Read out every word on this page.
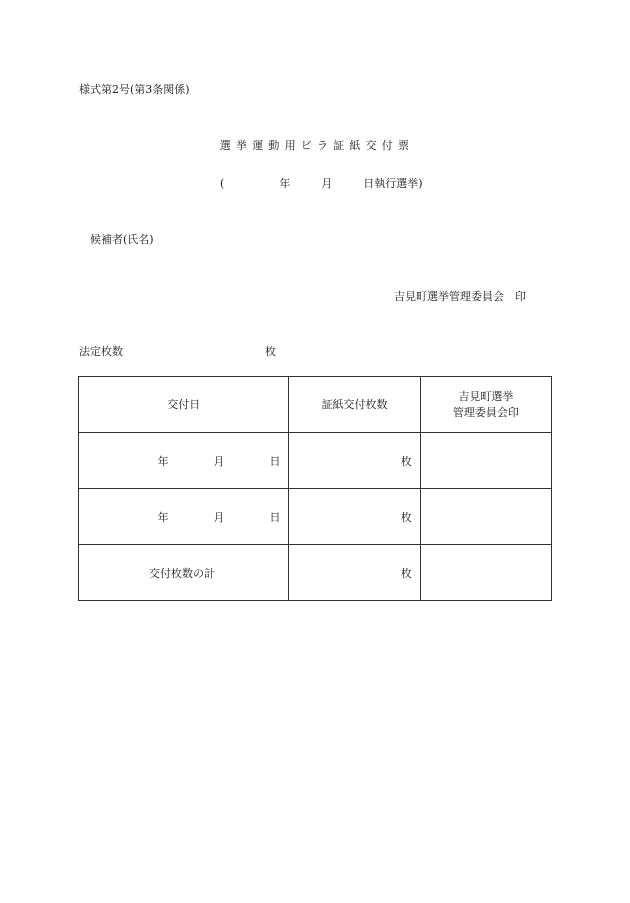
様式第2号(第3条関係)
選挙運動用ビラ証紙交付票
(	年	月	日執行選挙)
候補者(氏名)
吉見町選挙管理委員会　印
法定枚数	枚
交付日	証紙交付枚数	吉見町選挙
管理委員会印

年 月 日	枚	
年 月 日	枚	
交付枚数の計	枚	
